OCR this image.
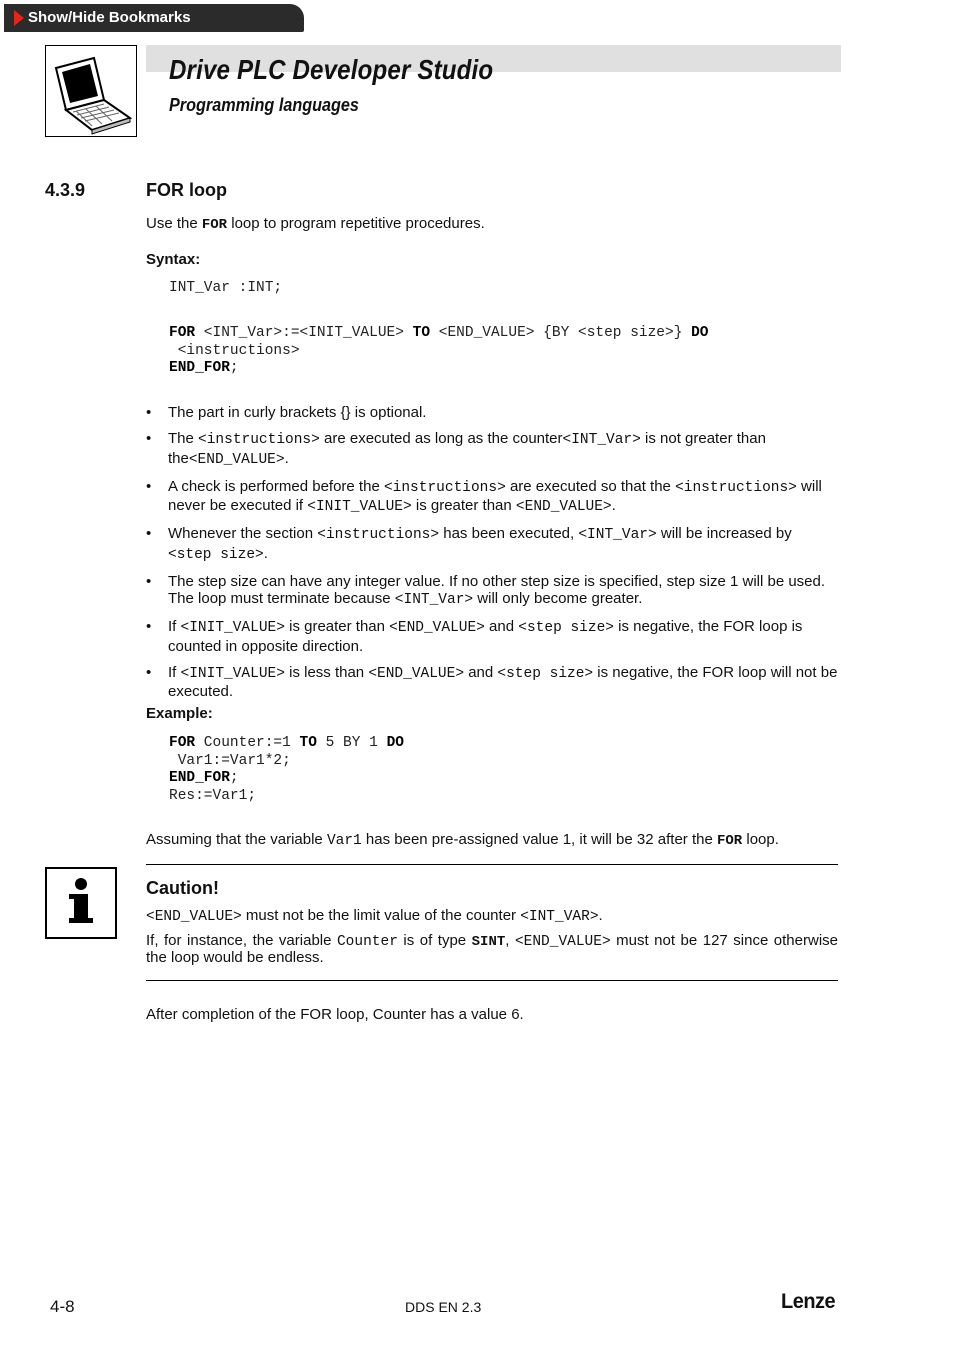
Show/Hide Bookmarks
Drive PLC Developer Studio
Programming languages
4.3.9	FOR loop
Use the FOR loop to program repetitive procedures.
Syntax:
INT_Var :INT;
FOR <INT_Var>:=<INIT_VALUE> TO <END_VALUE> {BY <step size>} DO
<instructions>
END_FOR;
• The part in curly brackets {} is optional.
• The <instructions> are executed as long as the counter<INT_Var> is not greater than the<END_VALUE>.
• A check is performed before the <instructions> are executed so that the <instructions> will never be executed if <INIT_VALUE> is greater than <END_VALUE>.
• Whenever the section <instructions> has been executed, <INT_Var> will be increased by <step size>.
• The step size can have any integer value. If no other step size is specified, step size 1 will be used. The loop must terminate because <INT_Var> will only become greater.
• If <INIT_VALUE> is greater than <END_VALUE> and <step size> is negative, the FOR loop is counted in opposite direction.
• If <INIT_VALUE> is less than <END_VALUE> and <step size> is negative, the FOR loop will not be executed.
Example:
FOR Counter:=1 TO 5 BY 1 DO
Var1:=Var1*2;
END_FOR;
Res:=Var1;
Assuming that the variable Var1 has been pre-assigned value 1, it will be 32 after the FOR loop.
Caution!
<END_VALUE> must not be the limit value of the counter <INT_VAR>.
If, for instance, the variable Counter is of type SINT, <END_VALUE> must not be 127 since otherwise the loop would be endless.
After completion of the FOR loop, Counter has a value 6.
4-8	DDS EN 2.3	Lenze
